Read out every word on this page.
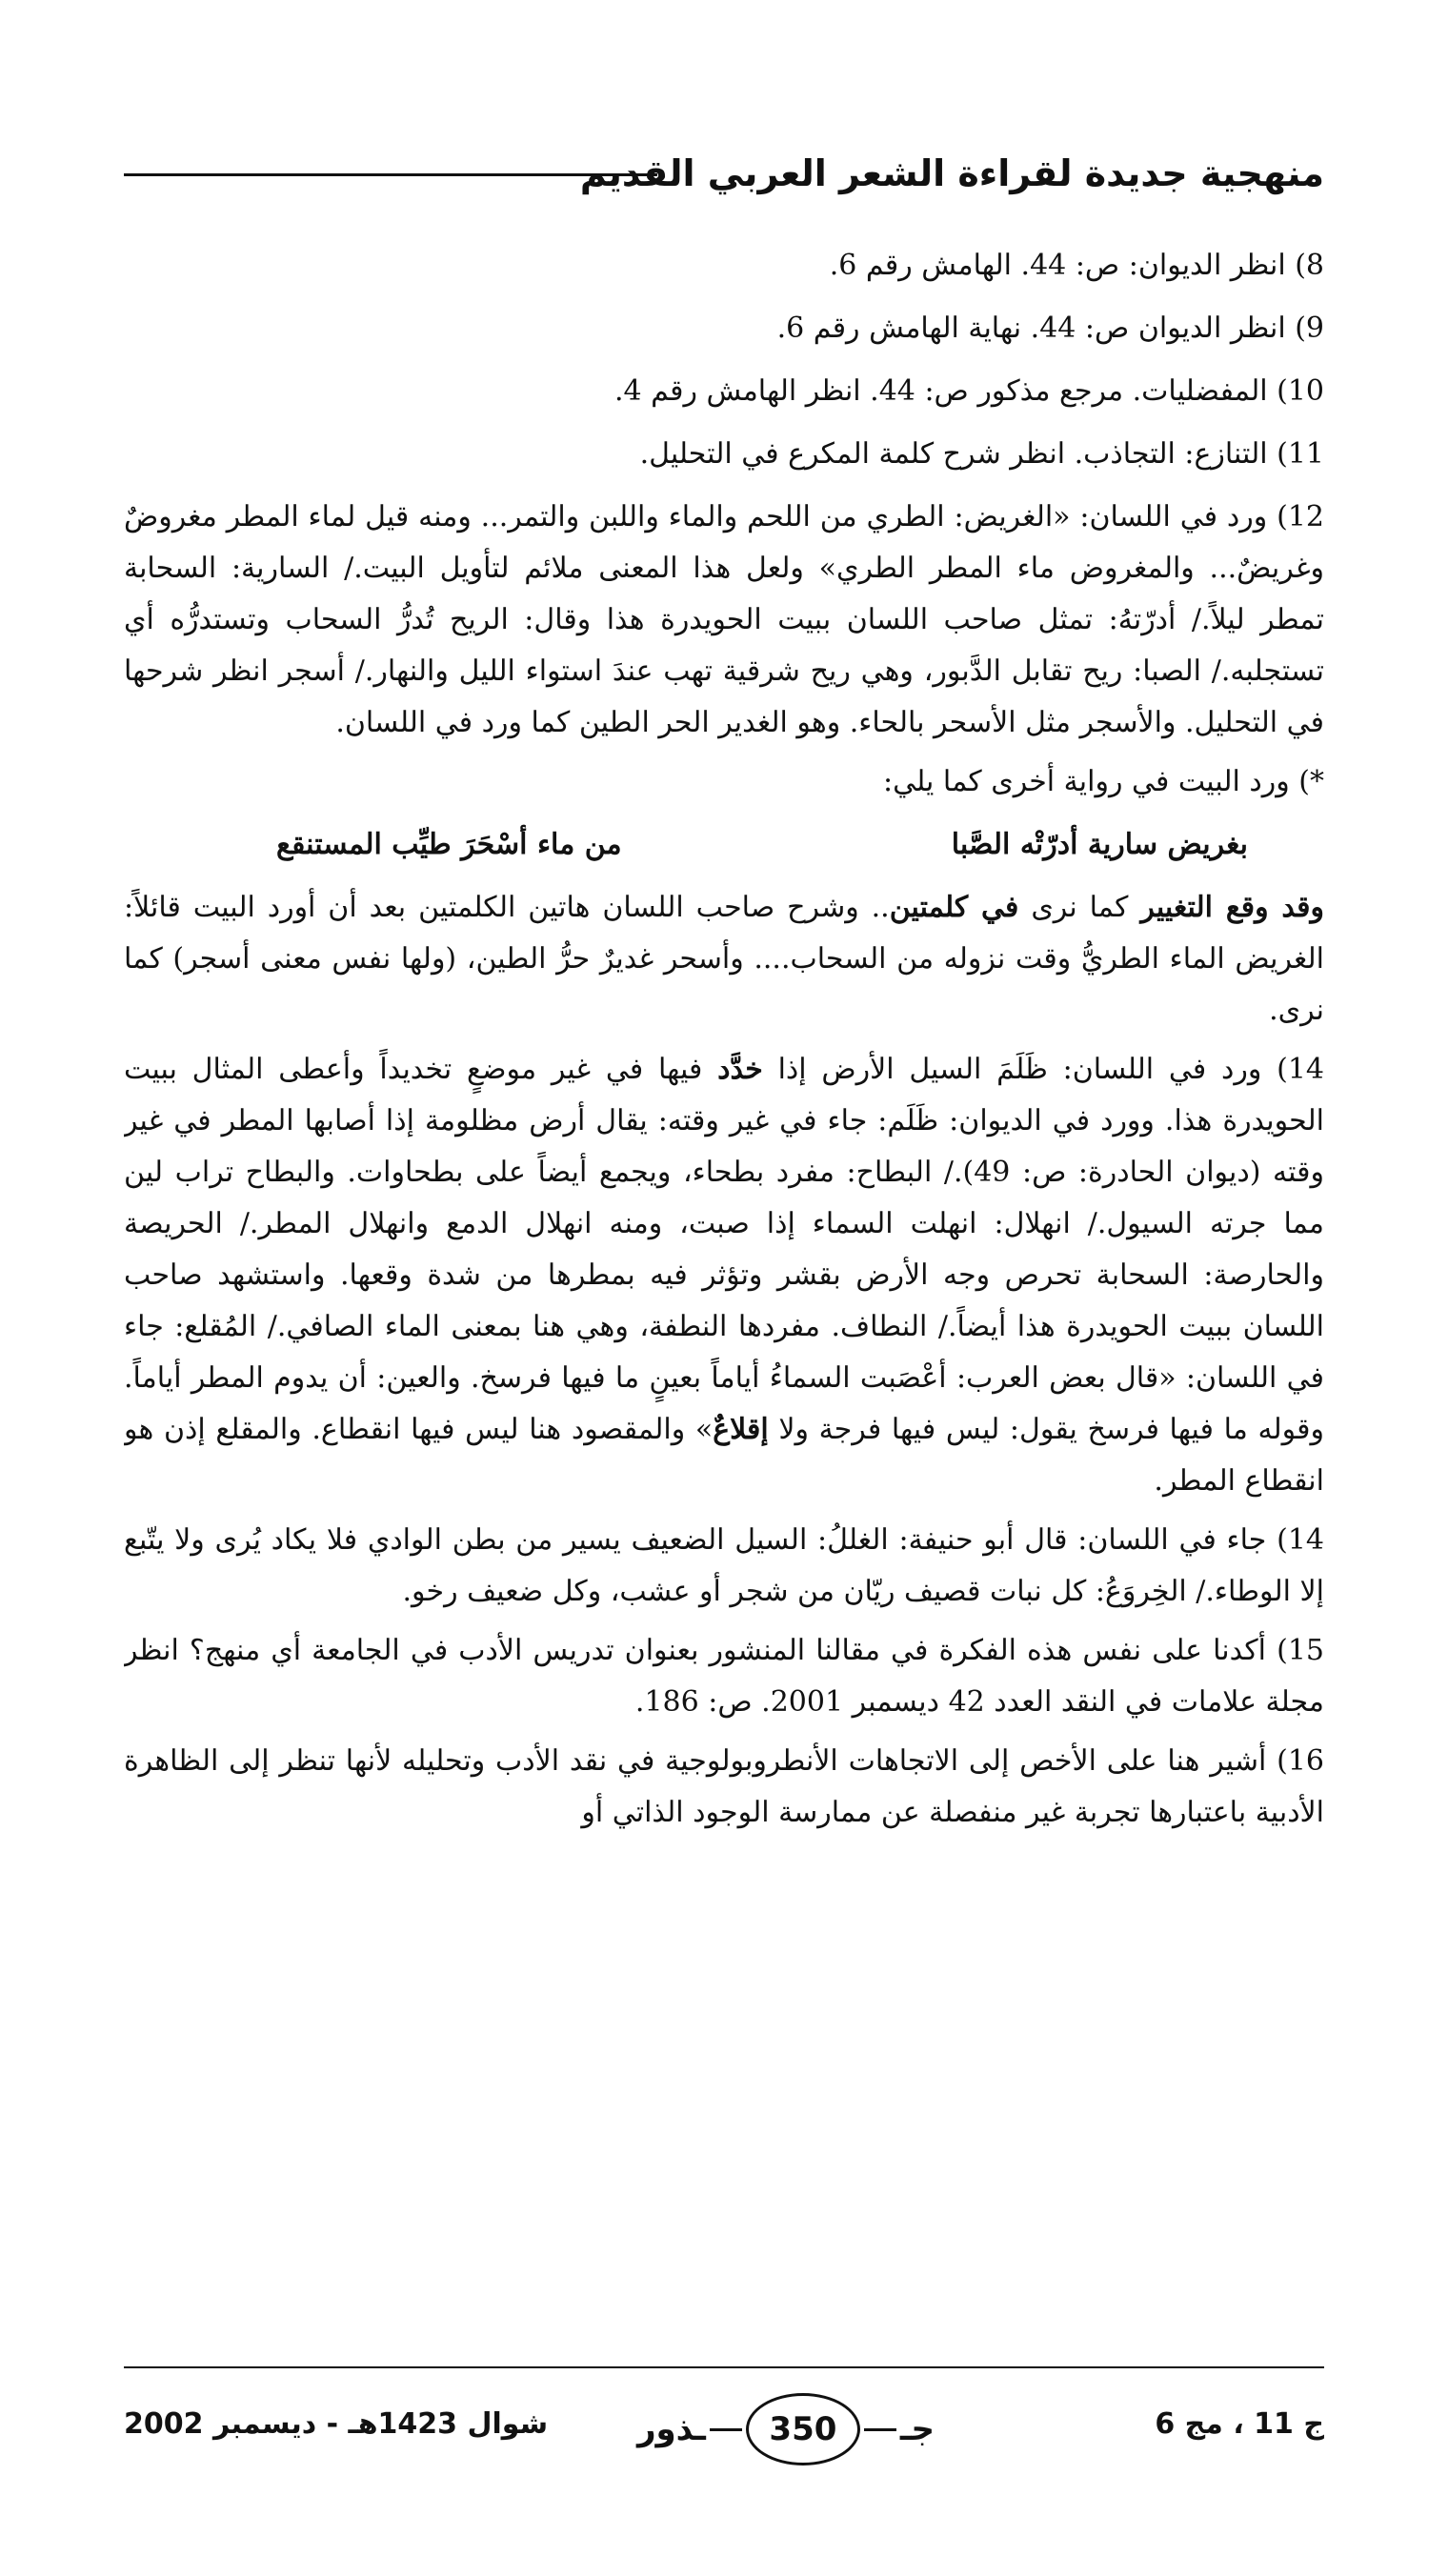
منهجية جديدة لقراءة الشعر العربي القديم

8) انظر الديوان: ص: 44. الهامش رقم 6.

9) انظر الديوان ص: 44. نهاية الهامش رقم 6.

10) المفضليات. مرجع مذكور ص: 44. انظر الهامش رقم 4.

11) التنازع: التجاذب. انظر شرح كلمة المكرع في التحليل.

12) ورد في اللسان: «الغريض: الطري من اللحم والماء واللبن والتمر... ومنه قيل لماء المطر مغروضٌ وغريضٌ... والمغروض ماء المطر الطري» ولعل هذا المعنى ملائم لتأويل البيت./ السارية: السحابة تمطر ليلاً./ أدرّتهُ: تمثل صاحب اللسان ببيت الحويدرة هذا وقال: الريح تُدرُّ السحاب وتستدرُّه أي تستجلبه./ الصبا: ريح تقابل الدَّبور، وهي ريح شرقية تهب عندَ استواء الليل والنهار./ أسجر انظر شرحها في التحليل. والأسجر مثل الأسحر بالحاء. وهو الغدير الحر الطين كما ورد في اللسان.

*) ورد البيت في رواية أخرى كما يلي:

بغريض سارية أدرّتْه الصَّبا
من ماء أسْحَرَ طيِّب المستنقع

وقد وقع التغيير كما نرى في كلمتين.. وشرح صاحب اللسان هاتين الكلمتين بعد أن أورد البيت قائلاً: الغريض الماء الطريُّ وقت نزوله من السحاب.... وأسحر غديرٌ حرُّ الطين، (ولها نفس معنى أسجر) كما نرى.

14) ورد في اللسان: ظَلَمَ السيل الأرض إذا خدَّد فيها في غير موضعٍ تخديداً وأعطى المثال ببيت الحويدرة هذا. وورد في الديوان: ظَلَم: جاء في غير وقته: يقال أرض مظلومة إذا أصابها المطر في غير وقته (ديوان الحادرة: ص: 49)./ البطاح: مفرد بطحاء، ويجمع أيضاً على بطحاوات. والبطاح تراب لين مما جرته السيول./ انهلال: انهلت السماء إذا صبت، ومنه انهلال الدمع وانهلال المطر./ الحريصة والحارصة: السحابة تحرص وجه الأرض بقشر وتؤثر فيه بمطرها من شدة وقعها. واستشهد صاحب اللسان ببيت الحويدرة هذا أيضاً./ النطاف. مفردها النطفة، وهي هنا بمعنى الماء الصافي./ المُقلع: جاء في اللسان: «قال بعض العرب: أعْصَبت السماءُ أياماً بعينٍ ما فيها فرسخ. والعين: أن يدوم المطر أياماً. وقوله ما فيها فرسخ يقول: ليس فيها فرجة ولا إقلاعٌ» والمقصود هنا ليس فيها انقطاع. والمقلع إذن هو انقطاع المطر.

14) جاء في اللسان: قال أبو حنيفة: الغللُ: السيل الضعيف يسير من بطن الوادي فلا يكاد يُرى ولا يتّبع إلا الوطاء./ الخِروَعُ: كل نبات قصيف ريّان من شجر أو عشب، وكل ضعيف رخو.

15) أكدنا على نفس هذه الفكرة في مقالنا المنشور بعنوان تدريس الأدب في الجامعة أي منهج؟ انظر مجلة علامات في النقد العدد 42 ديسمبر 2001. ص: 186.

16) أشير هنا على الأخص إلى الاتجاهات الأنطروبولوجية في نقد الأدب وتحليله لأنها تنظر إلى الظاهرة الأدبية باعتبارها تجربة غير منفصلة عن ممارسة الوجود الذاتي أو

شوال 1423هـ - ديسمبر 2002	ـذور	350	جـ	ج 11 ، مج 6
